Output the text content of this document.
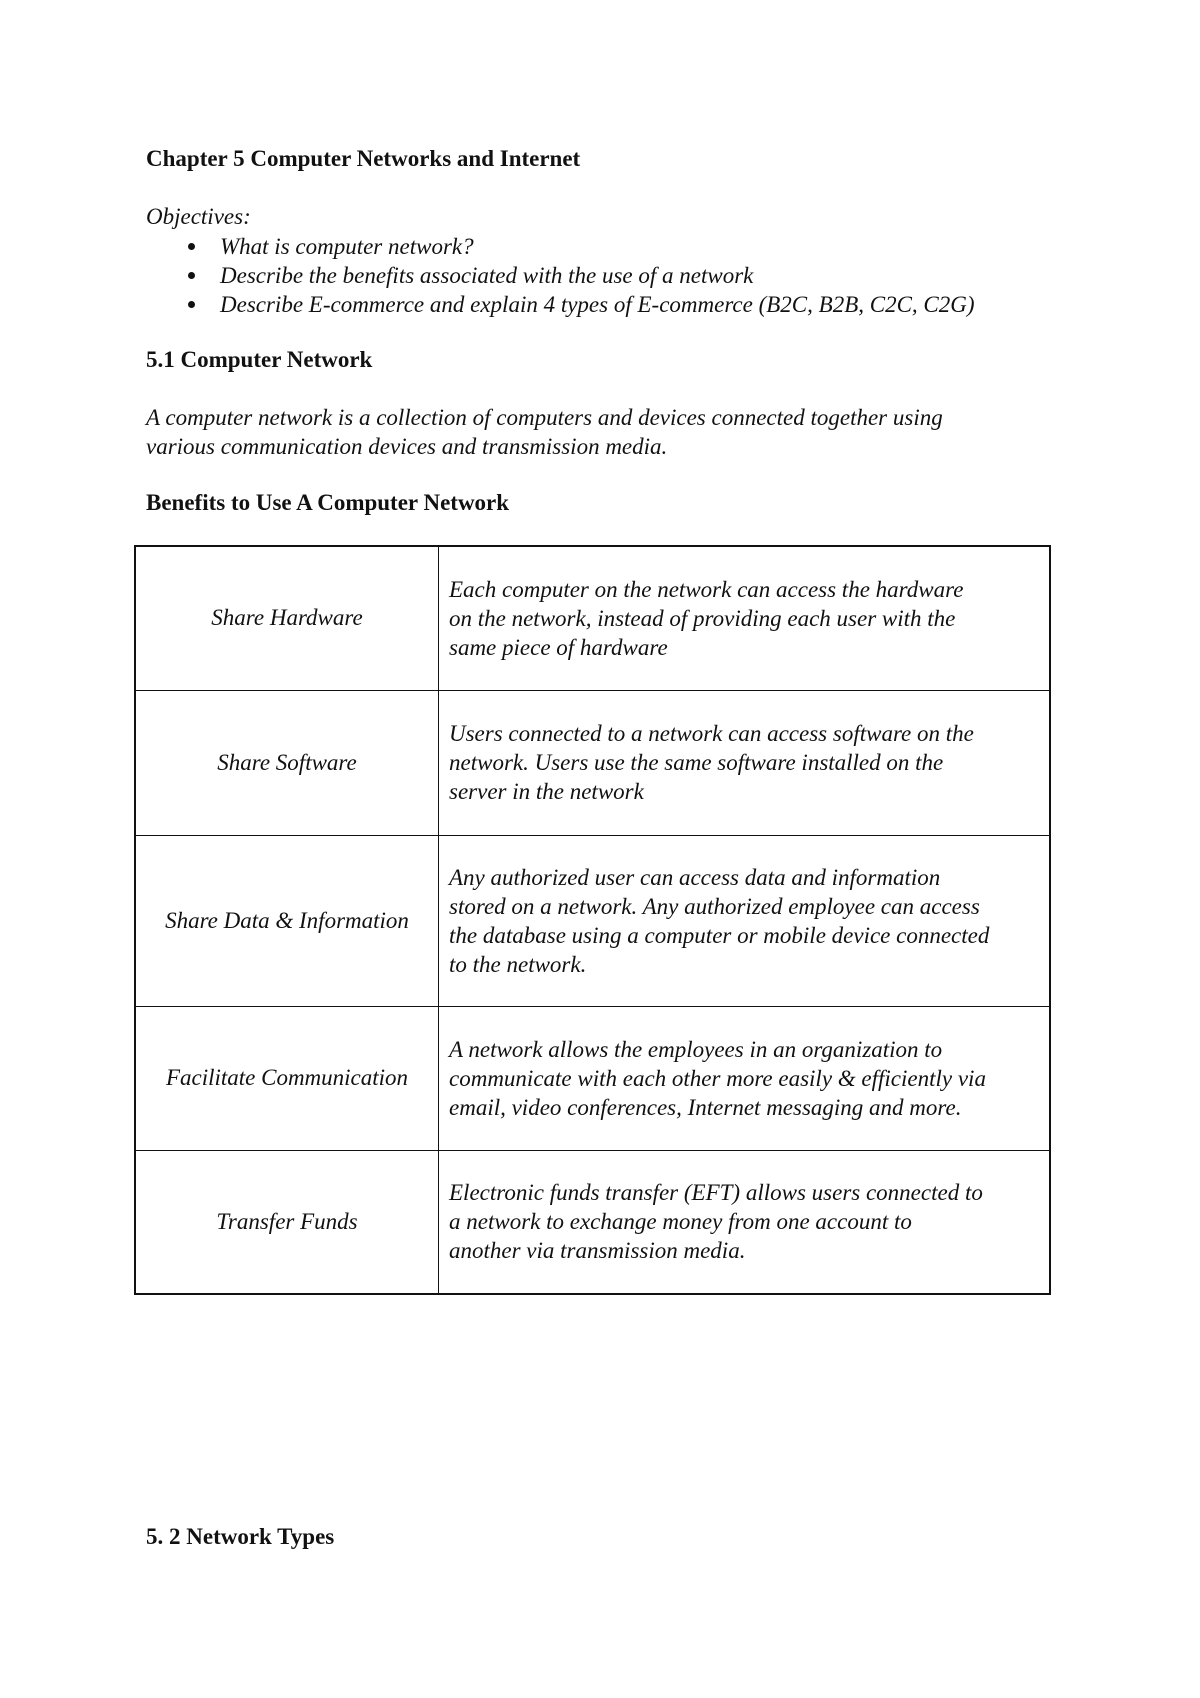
Chapter 5 Computer Networks and Internet
Objectives:
What is computer network?
Describe the benefits associated with the use of a network
Describe E-commerce and explain 4 types of E-commerce (B2C, B2B, C2C, C2G)
5.1 Computer Network
A computer network is a collection of computers and devices connected together using
various communication devices and transmission media.
Benefits to Use A Computer Network
Share Hardware	Each computer on the network can access the hardware
on the network, instead of providing each user with the
same piece of hardware

Share Software	Users connected to a network can access software on the
network. Users use the same software installed on the
server in the network

Share Data & Information	Any authorized user can access data and information
stored on a network. Any authorized employee can access
the database using a computer or mobile device connected
to the network.

Facilitate Communication	A network allows the employees in an organization to
communicate with each other more easily & efficiently via
email, video conferences, Internet messaging and more.

Transfer Funds	Electronic funds transfer (EFT) allows users connected to
a network to exchange money from one account to
another via transmission media.
5. 2 Network Types
